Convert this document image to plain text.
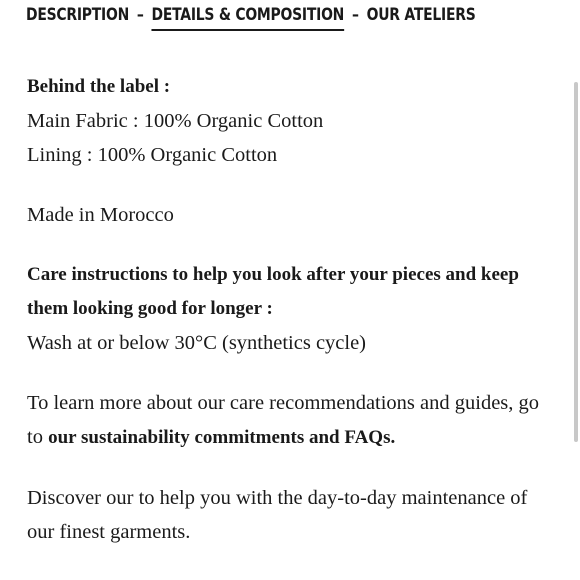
DESCRIPTION – DETAILS & COMPOSITION – OUR ATELIERS

Behind the label :

Main Fabric : 100% Organic Cotton

Lining : 100% Organic Cotton

Made in Morocco

Care instructions to help you look after your pieces and keep them looking good for longer :

Wash at or below 30°C (synthetics cycle)

To learn more about our care recommendations and guides, go to our sustainability commitments and FAQs.

Discover our to help you with the day-to-day maintenance of our finest garments.
